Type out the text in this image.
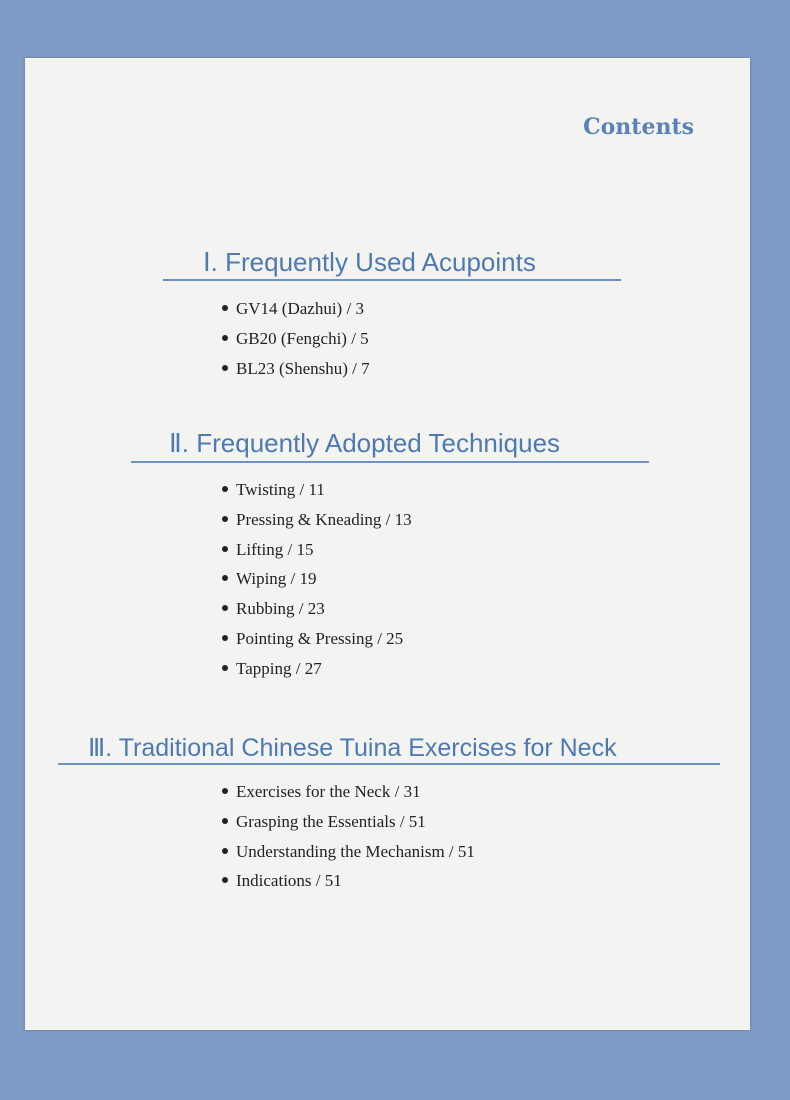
Contents
Ⅰ. Frequently Used Acupoints
GV14 (Dazhui) / 3
GB20 (Fengchi) / 5
BL23 (Shenshu) / 7
Ⅱ. Frequently Adopted Techniques
Twisting / 11
Pressing & Kneading / 13
Lifting / 15
Wiping / 19
Rubbing / 23
Pointing & Pressing / 25
Tapping / 27
Ⅲ. Traditional Chinese Tuina Exercises for Neck
Exercises for the Neck / 31
Grasping the Essentials / 51
Understanding the Mechanism / 51
Indications / 51
